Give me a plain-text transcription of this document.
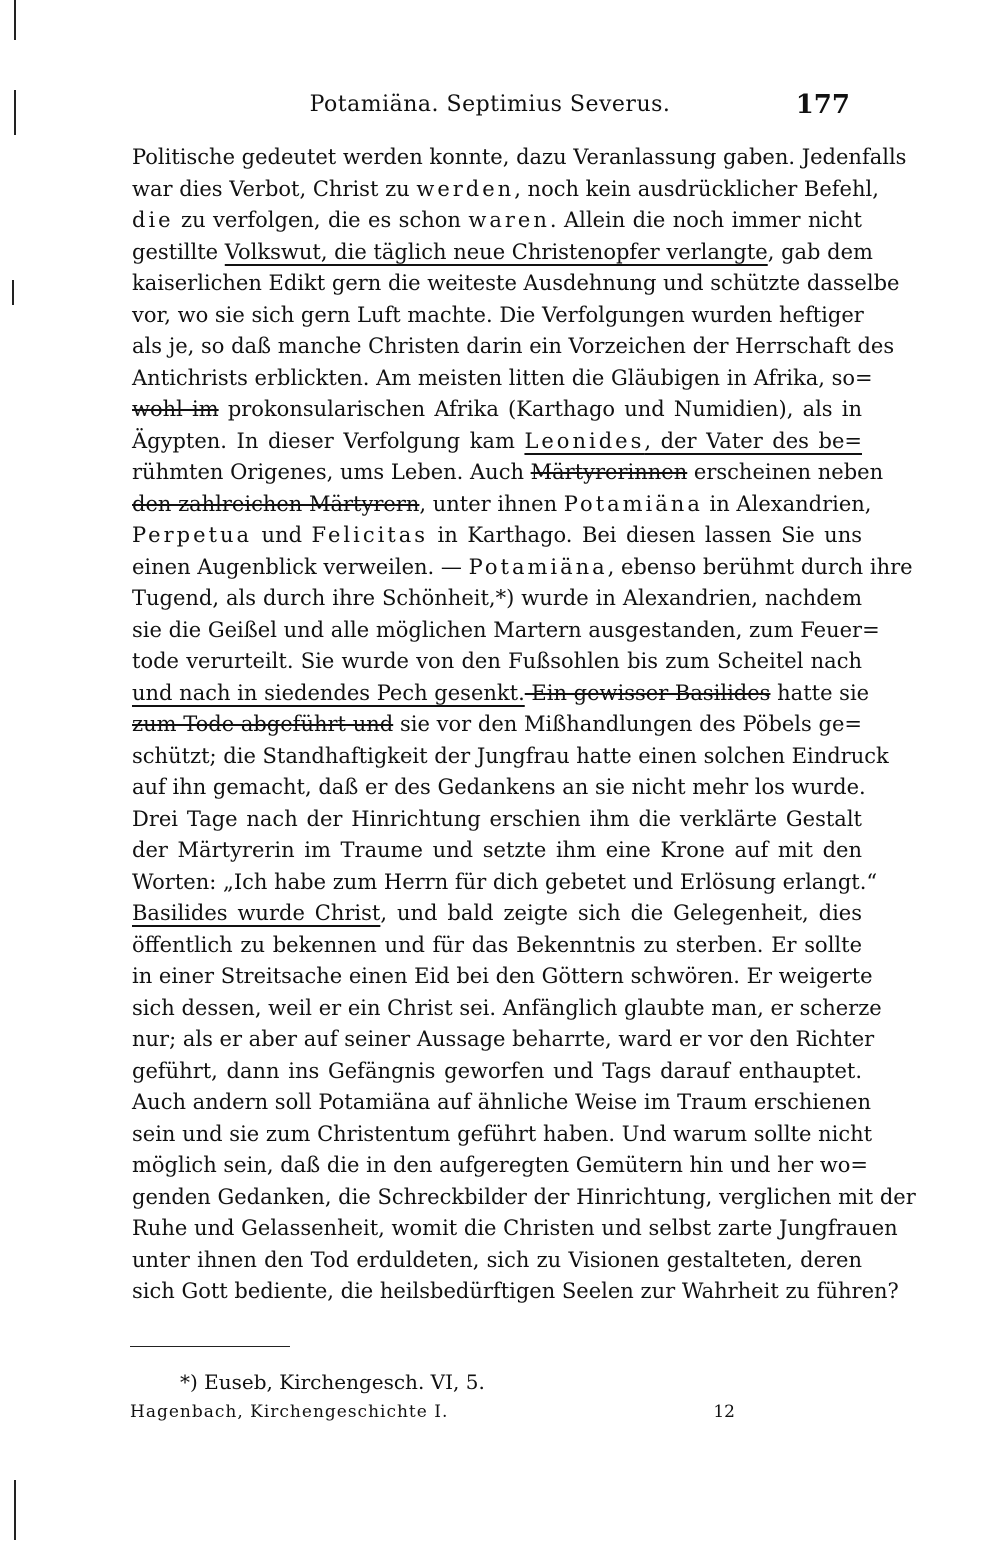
Potamiäna. Septimius Severus.	177
Politische gedeutet werden konnte, dazu Veranlassung gaben. Jedenfalls
war dies Verbot, Christ zu werden, noch kein ausdrücklicher Befehl,
die zu verfolgen, die es schon waren. Allein die noch immer nicht
gestillte Volkswut, die täglich neue Christenopfer verlangte, gab dem
kaiserlichen Edikt gern die weiteste Ausdehnung und schützte dasselbe
vor, wo sie sich gern Luft machte. Die Verfolgungen wurden heftiger
als je, so daß manche Christen darin ein Vorzeichen der Herrschaft des
Antichrists erblickten. Am meisten litten die Gläubigen in Afrika, so=
wohl im prokonsularischen Afrika (Karthago und Numidien), als in
Ägypten. In dieser Verfolgung kam Leonides, der Vater des be=
rühmten Origenes, ums Leben. Auch Märtyrerinnen erscheinen neben
den zahlreichen Märtyrern, unter ihnen Potamiäna in Alexandrien,
Perpetua und Felicitas in Karthago. Bei diesen lassen Sie uns
einen Augenblick verweilen. — Potamiäna, ebenso berühmt durch ihre
Tugend, als durch ihre Schönheit,*) wurde in Alexandrien, nachdem
sie die Geißel und alle möglichen Martern ausgestanden, zum Feuer=
tode verurteilt. Sie wurde von den Fußsohlen bis zum Scheitel nach
und nach in siedendes Pech gesenkt. Ein gewisser Basilides hatte sie
zum Tode abgeführt und sie vor den Mißhandlungen des Pöbels ge=
schützt; die Standhaftigkeit der Jungfrau hatte einen solchen Eindruck
auf ihn gemacht, daß er des Gedankens an sie nicht mehr los wurde.
Drei Tage nach der Hinrichtung erschien ihm die verklärte Gestalt
der Märtyrerin im Traume und setzte ihm eine Krone auf mit den
Worten: „Ich habe zum Herrn für dich gebetet und Erlösung erlangt.“
Basilides wurde Christ, und bald zeigte sich die Gelegenheit, dies
öffentlich zu bekennen und für das Bekenntnis zu sterben. Er sollte
in einer Streitsache einen Eid bei den Göttern schwören. Er weigerte
sich dessen, weil er ein Christ sei. Anfänglich glaubte man, er scherze
nur; als er aber auf seiner Aussage beharrte, ward er vor den Richter
geführt, dann ins Gefängnis geworfen und Tags darauf enthauptet.
Auch andern soll Potamiäna auf ähnliche Weise im Traum erschienen
sein und sie zum Christentum geführt haben. Und warum sollte nicht
möglich sein, daß die in den aufgeregten Gemütern hin und her wo=
genden Gedanken, die Schreckbilder der Hinrichtung, verglichen mit der
Ruhe und Gelassenheit, womit die Christen und selbst zarte Jungfrauen
unter ihnen den Tod erduldeten, sich zu Visionen gestalteten, deren
sich Gott bediente, die heilsbedürftigen Seelen zur Wahrheit zu führen?
*) Euseb, Kirchengesch. VI, 5.
Hagenbach, Kirchengeschichte I.	12
